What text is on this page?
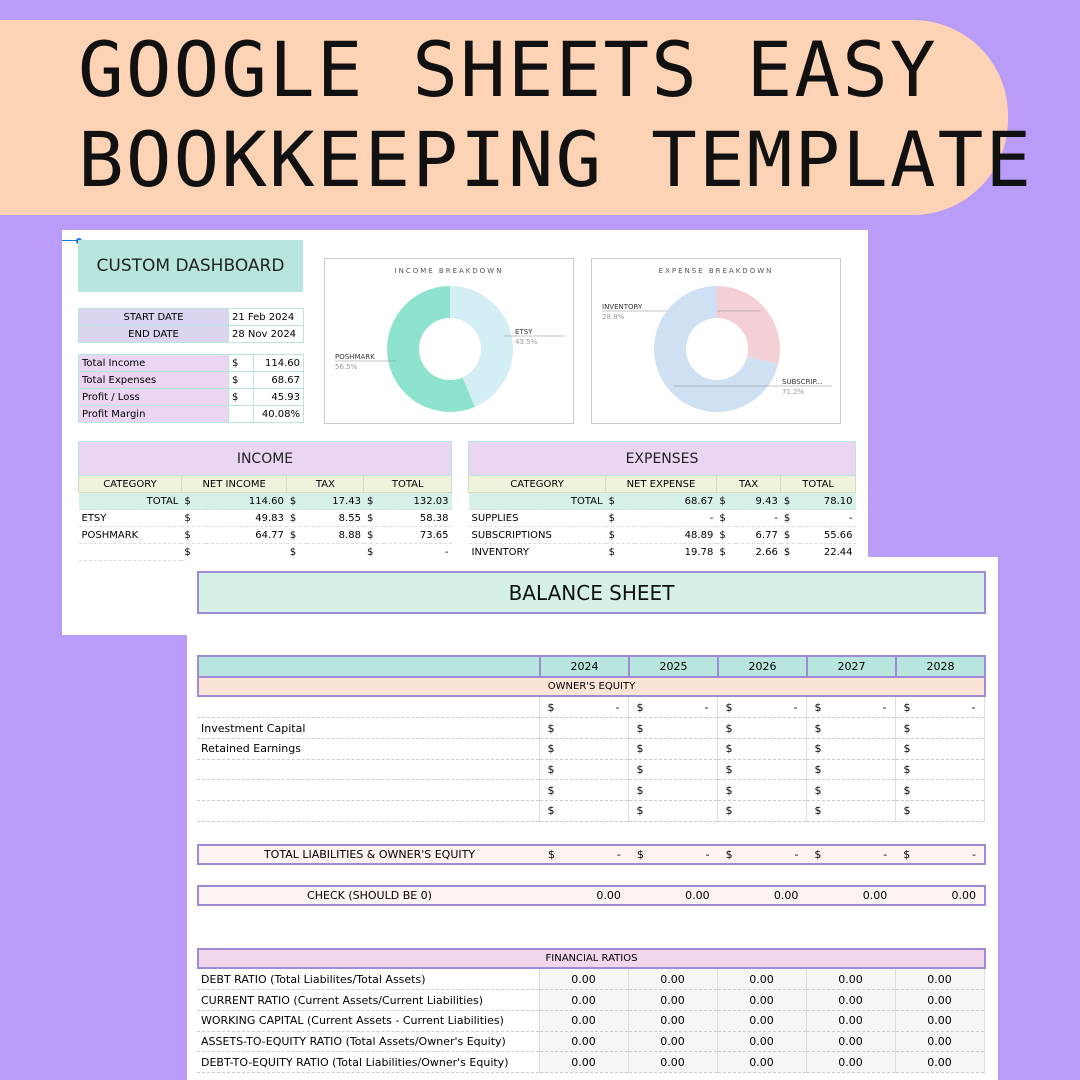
GOOGLE SHEETS EASY
BOOKKEEPING TEMPLATE
CUSTOM DASHBOARD
START DATE	21 Feb 2024
END DATE	28 Nov 2024
Total Income	$	114.60
Total Expenses	$	68.67
Profit / Loss	$	45.93
Profit Margin		40.08%
INCOME BREAKDOWN
ETSY
43.5%
POSHMARK
56.5%
EXPENSE BREAKDOWN
INVENTORY
28.8%
SUBSCRIP...
71.2%
INCOME						
CATEGORY	NET INCOME		TAX		TOTAL	
TOTAL	$	114.60	$	17.43	$	132.03
ETSY	$	49.83	$	8.55	$	58.38
POSHMARK	$	64.77	$	8.88	$	73.65
	$		$		$	-
EXPENSES						
CATEGORY	NET EXPENSE		TAX		TOTAL	
TOTAL	$	68.67	$	9.43	$	78.10
SUPPLIES	$	-	$	-	$	-
SUBSCRIPTIONS	$	48.89	$	6.77	$	55.66
INVENTORY	$	19.78	$	2.66	$	22.44
BALANCE SHEET
	2024	2025	2026	2027	2028
OWNER'S EQUITY

	$ -	$ -	$ -	$ -	$ -

Investment Capital	$	$	$	$	$

Retained Earnings	$	$	$	$	$

	$	$	$	$	$

	$	$	$	$	$

	$	$	$	$	$
TOTAL LIABILITIES & OWNER'S EQUITY	$	- $	- $	- $	- $	-
CHECK (SHOULD BE 0)	0.00	0.00	0.00	0.00	0.00
FINANCIAL RATIOS
DEBT RATIO (Total Liabilites/Total Assets)	0.00	0.00	0.00	0.00	0.00
CURRENT RATIO (Current Assets/Current Liabilities)	0.00	0.00	0.00	0.00	0.00
WORKING CAPITAL (Current Assets - Current Liabilities)	0.00	0.00	0.00	0.00	0.00
ASSETS-TO-EQUITY RATIO (Total Assets/Owner's Equity)	0.00	0.00	0.00	0.00	0.00
DEBT-TO-EQUITY RATIO (Total Liabilities/Owner's Equity)	0.00	0.00	0.00	0.00	0.00
